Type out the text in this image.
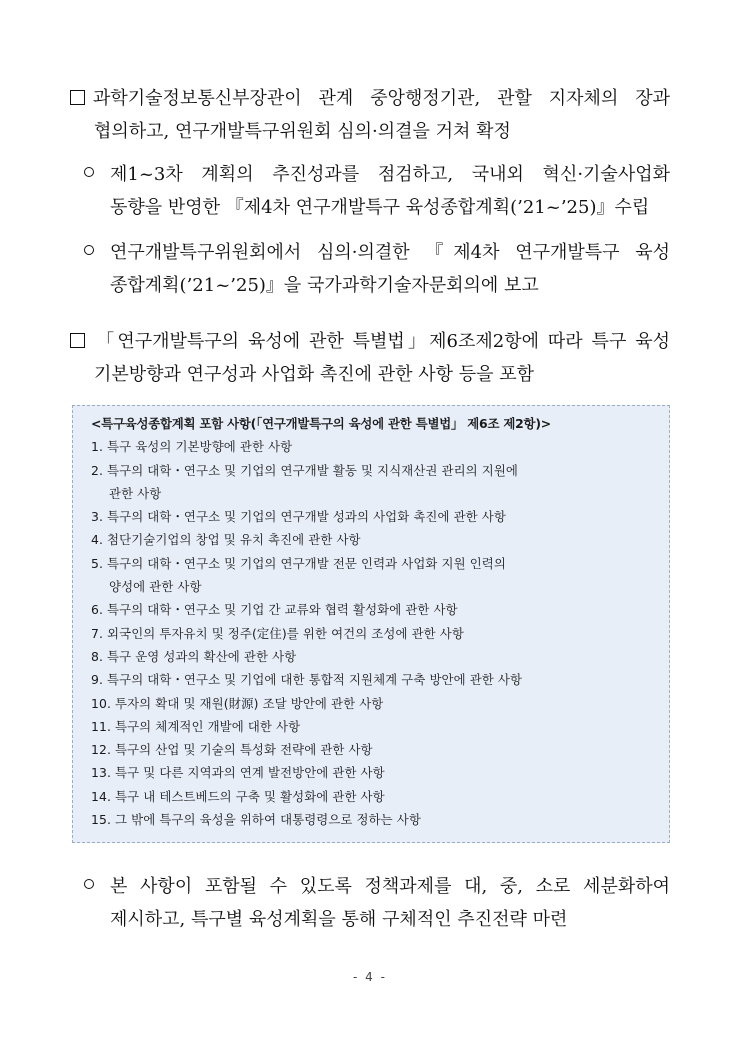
과학기술정보통신부장관이 관계 중앙행정기관, 관할 지자체의 장과
협의하고, 연구개발특구위원회 심의·의결을 거쳐 확정
제1~3차 계획의 추진성과를 점검하고, 국내외 혁신·기술사업화
동향을 반영한 『제4차 연구개발특구 육성종합계획(’21~’25)』수립
연구개발특구위원회에서 심의·의결한 『제4차 연구개발특구 육성
종합계획(’21~’25)』을 국가과학기술자문회의에 보고
「연구개발특구의 육성에 관한 특별법」제6조제2항에 따라 특구 육성
기본방향과 연구성과 사업화 촉진에 관한 사항 등을 포함
<특구육성종합계획 포함 사항(「연구개발특구의 육성에 관한 특별법」 제6조 제2항)>
1. 특구 육성의 기본방향에 관한 사항
2. 특구의 대학・연구소 및 기업의 연구개발 활동 및 지식재산권 관리의 지원에
관한 사항
3. 특구의 대학・연구소 및 기업의 연구개발 성과의 사업화 촉진에 관한 사항
4. 첨단기술기업의 창업 및 유치 촉진에 관한 사항
5. 특구의 대학・연구소 및 기업의 연구개발 전문 인력과 사업화 지원 인력의
양성에 관한 사항
6. 특구의 대학・연구소 및 기업 간 교류와 협력 활성화에 관한 사항
7. 외국인의 투자유치 및 정주(定住)를 위한 여건의 조성에 관한 사항
8. 특구 운영 성과의 확산에 관한 사항
9. 특구의 대학・연구소 및 기업에 대한 통합적 지원체계 구축 방안에 관한 사항
10. 투자의 확대 및 재원(財源) 조달 방안에 관한 사항
11. 특구의 체계적인 개발에 대한 사항
12. 특구의 산업 및 기술의 특성화 전략에 관한 사항
13. 특구 및 다른 지역과의 연계 발전방안에 관한 사항
14. 특구 내 테스트베드의 구축 및 활성화에 관한 사항
15. 그 밖에 특구의 육성을 위하여 대통령령으로 정하는 사항
본 사항이 포함될 수 있도록 정책과제를 대, 중, 소로 세분화하여
제시하고, 특구별 육성계획을 통해 구체적인 추진전략 마련
- 4 -
